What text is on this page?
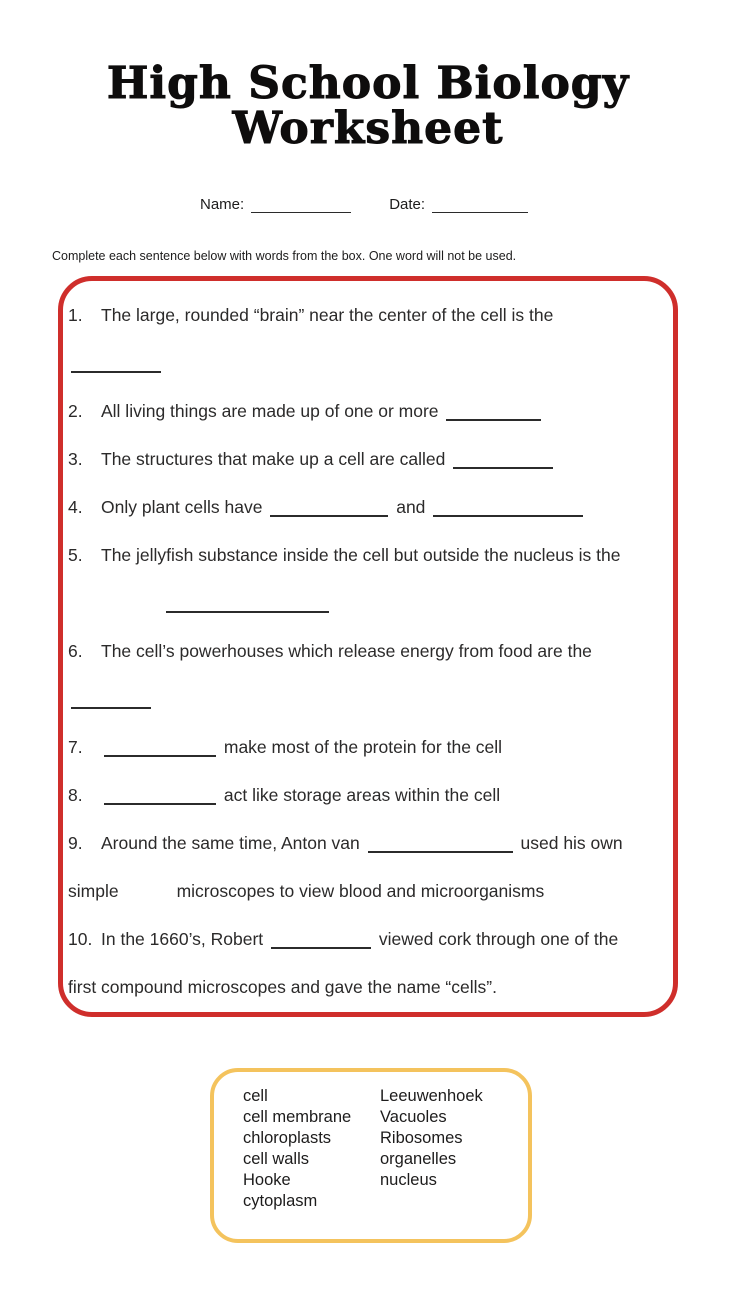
High School Biology
Worksheet
Name:	Date:
Complete each sentence below with words from the box. One word will not be used.
1. The large, rounded “brain” near the center of the cell is the
2. All living things are made up of one or more
3. The structures that make up a cell are called
4. Only plant cells have	and
5. The jellyfish substance inside the cell but outside the nucleus is the
6. The cell’s powerhouses which release energy from food are the
7.	make most of the protein for the cell
8.	act like storage areas within the cell
9. Around the same time, Anton van	used his own
simple	microscopes to view blood and microorganisms
10. In the 1660’s, Robert	viewed cork through one of the
first compound microscopes and gave the name “cells”.
cell
cell membrane
chloroplasts
cell walls
Hooke
cytoplasm
Leeuwenhoek
Vacuoles
Ribosomes
organelles
nucleus
